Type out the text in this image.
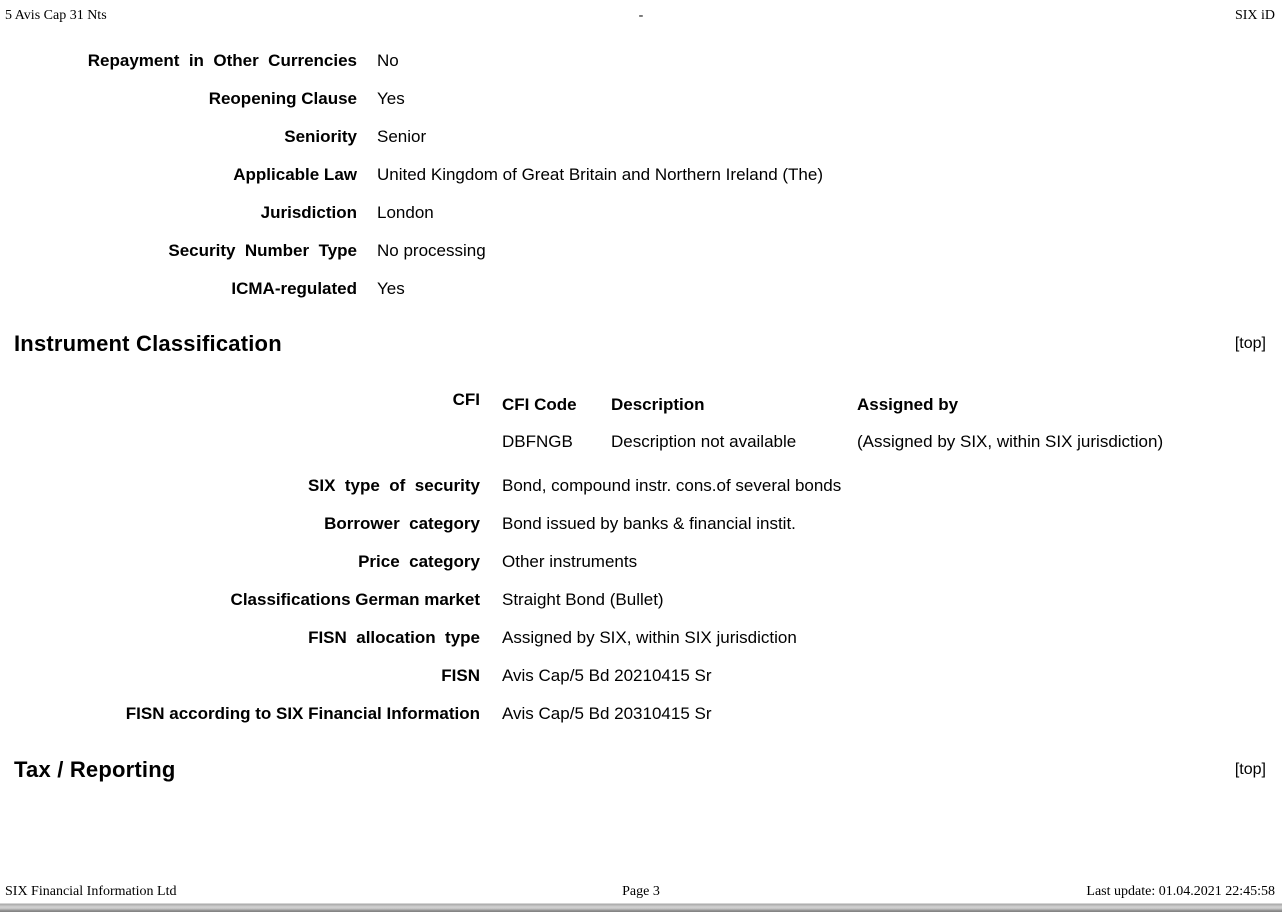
5 Avis Cap 31 Nts	-	SIX iD
Repayment  in  Other  Currencies No
Reopening Clause Yes
Seniority Senior
Applicable Law United Kingdom of Great Britain and Northern Ireland (The)
Jurisdiction London
Security  Number  Type No processing
ICMA-regulated Yes
Instrument Classification	[top]
CFI CFI Code	Description	Assigned by
DBFNGB	Description not available	(Assigned by SIX, within SIX jurisdiction)
SIX  type  of  security Bond, compound instr. cons.of several bonds
Borrower  category Bond issued by banks & financial instit.
Price  category Other instruments
Classifications German market Straight Bond (Bullet)
FISN  allocation  type Assigned by SIX, within SIX jurisdiction
FISN Avis Cap/5 Bd 20210415 Sr
FISN according to SIX Financial Information Avis Cap/5 Bd 20310415 Sr
Tax / Reporting	[top]
SIX Financial Information Ltd	Page 3	Last update: 01.04.2021 22:45:58
